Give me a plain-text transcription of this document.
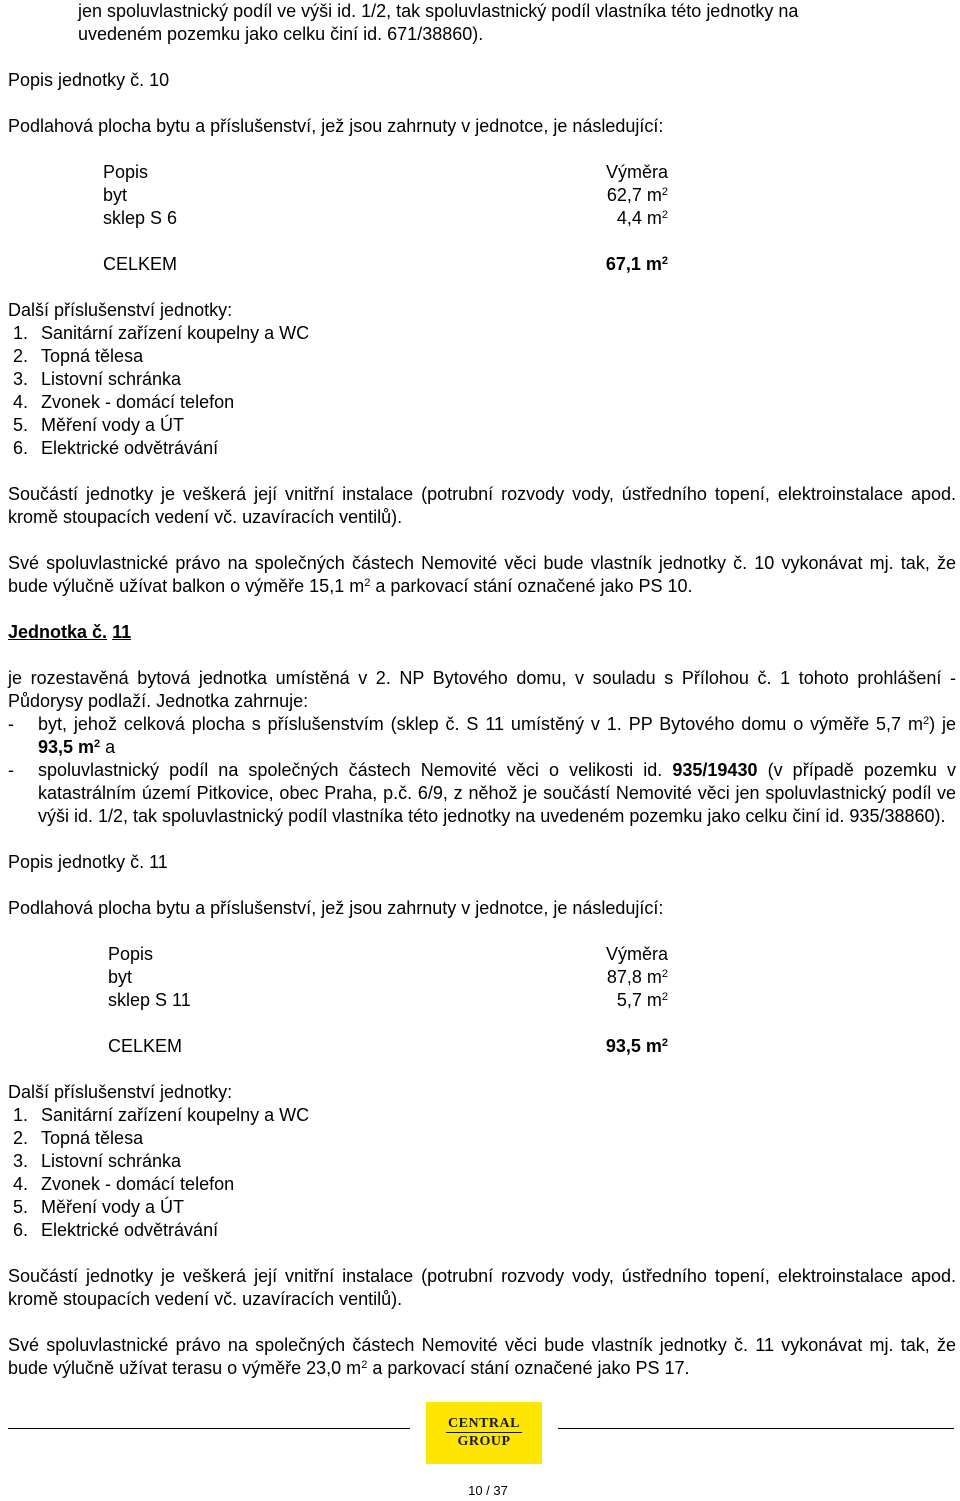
jen spoluvlastnický podíl ve výši id. 1/2, tak spoluvlastnický podíl vlastníka této jednotky na

uvedeném pozemku jako celku činí id. 671/38860).

Popis jednotky č. 10

Podlahová plocha bytu a příslušenství, jež jsou zahrnuty v jednotce, je následující:

Popis	Výměra
byt	62,7 $m^2$
sklep S 6	4,4 $m^2$
CELKEM	67,1 $m^2$

Další příslušenství jednotky:

1. Sanitární zařízení koupelny a WC
2. Topná tělesa
3. Listovní schránka
4. Zvonek - domácí telefon
5. Měření vody a ÚT
6. Elektrické odvětrávání

Součástí jednotky je veškerá její vnitřní instalace (potrubní rozvody vody, ústředního topení, elektroinstalace apod. kromě stoupacích vedení vč. uzavíracích ventilů).

Své spoluvlastnické právo na společných částech Nemovité věci bude vlastník jednotky č. 10 vykonávat mj. tak, že bude výlučně užívat balkon o výměře 15,1 $m^2$ a parkovací stání označené jako PS 10.

Jednotka č. 11

je rozestavěná bytová jednotka umístěná v 2. NP Bytového domu, v souladu s Přílohou č. 1 tohoto prohlášení - Půdorysy podlaží. Jednotka zahrnuje:

-	byt, jehož celková plocha s příslušenstvím (sklep č. S 11 umístěný v 1. PP Bytového domu o výměře 5,7 $m^2$) je 93,5 $m^2$ a
-	spoluvlastnický podíl na společných částech Nemovité věci o velikosti id. 935/19430 (v případě pozemku v katastrálním území Pitkovice, obec Praha, p.č. 6/9, z něhož je součástí Nemovité věci jen spoluvlastnický podíl ve výši id. 1/2, tak spoluvlastnický podíl vlastníka této jednotky na uvedeném pozemku jako celku činí id. 935/38860).

Popis jednotky č. 11

Podlahová plocha bytu a příslušenství, jež jsou zahrnuty v jednotce, je následující:

Popis	Výměra
byt	87,8 $m^2$
sklep S 11	5,7 $m^2$
CELKEM	93,5 $m^2$

Další příslušenství jednotky:

1. Sanitární zařízení koupelny a WC
2. Topná tělesa
3. Listovní schránka
4. Zvonek - domácí telefon
5. Měření vody a ÚT
6. Elektrické odvětrávání

Součástí jednotky je veškerá její vnitřní instalace (potrubní rozvody vody, ústředního topení, elektroinstalace apod. kromě stoupacích vedení vč. uzavíracích ventilů).

Své spoluvlastnické právo na společných částech Nemovité věci bude vlastník jednotky č. 11 vykonávat mj. tak, že bude výlučně užívat terasu o výměře 23,0 $m^2$ a parkovací stání označené jako PS 17.

CENTRAL
GROUP
10 / 37
